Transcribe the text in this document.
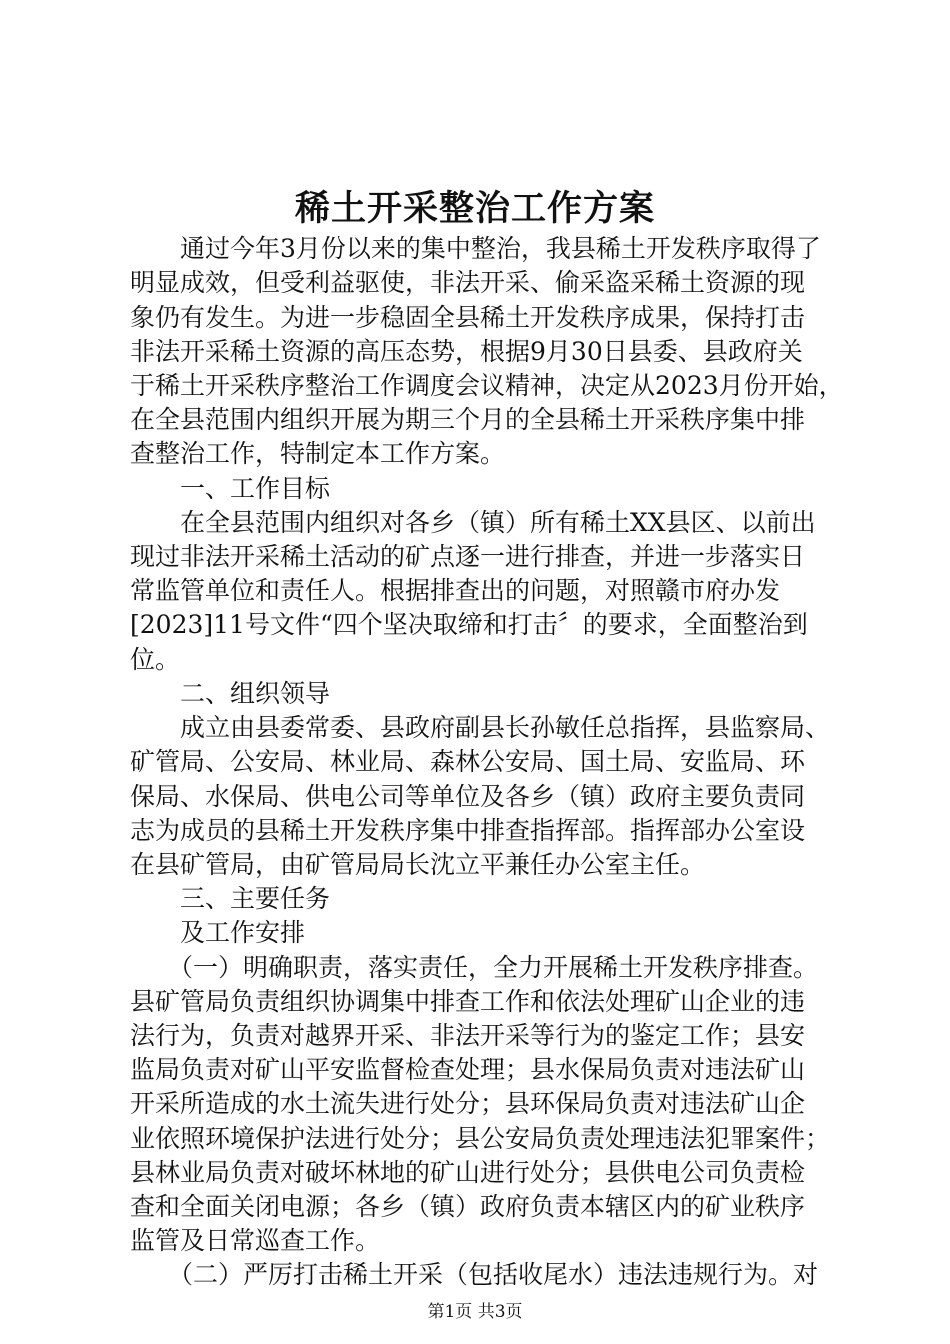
稀土开采整治工作方案
通过今年3月份以来的集中整治，我县稀土开发秩序取得了
明显成效，但受利益驱使，非法开采、偷采盗采稀土资源的现
象仍有发生。为进一步稳固全县稀土开发秩序成果，保持打击
非法开采稀土资源的高压态势，根据9月30日县委、县政府关
于稀土开采秩序整治工作调度会议精神，决定从2023月份开始，
在全县范围内组织开展为期三个月的全县稀土开采秩序集中排
查整治工作，特制定本工作方案。
一、工作目标
在全县范围内组织对各乡（镇）所有稀土XX县区、以前出
现过非法开采稀土活动的矿点逐一进行排查，并进一步落实日
常监管单位和责任人。根据排查出的问题，对照赣市府办发
[2023]11号文件“四个坚决取缔和打击〞的要求，全面整治到
位。
二、组织领导
成立由县委常委、县政府副县长孙敏任总指挥，县监察局、
矿管局、公安局、林业局、森林公安局、国土局、安监局、环
保局、水保局、供电公司等单位及各乡（镇）政府主要负责同
志为成员的县稀土开发秩序集中排查指挥部。指挥部办公室设
在县矿管局，由矿管局局长沈立平兼任办公室主任。
三、主要任务
及工作安排
（一）明确职责，落实责任，全力开展稀土开发秩序排查。
县矿管局负责组织协调集中排查工作和依法处理矿山企业的违
法行为，负责对越界开采、非法开采等行为的鉴定工作；县安
监局负责对矿山平安监督检查处理；县水保局负责对违法矿山
开采所造成的水土流失进行处分；县环保局负责对违法矿山企
业依照环境保护法进行处分；县公安局负责处理违法犯罪案件；
县林业局负责对破坏林地的矿山进行处分；县供电公司负责检
查和全面关闭电源；各乡（镇）政府负责本辖区内的矿业秩序
监管及日常巡查工作。
（二）严厉打击稀土开采（包括收尾水）违法违规行为。对
第1页 共3页
